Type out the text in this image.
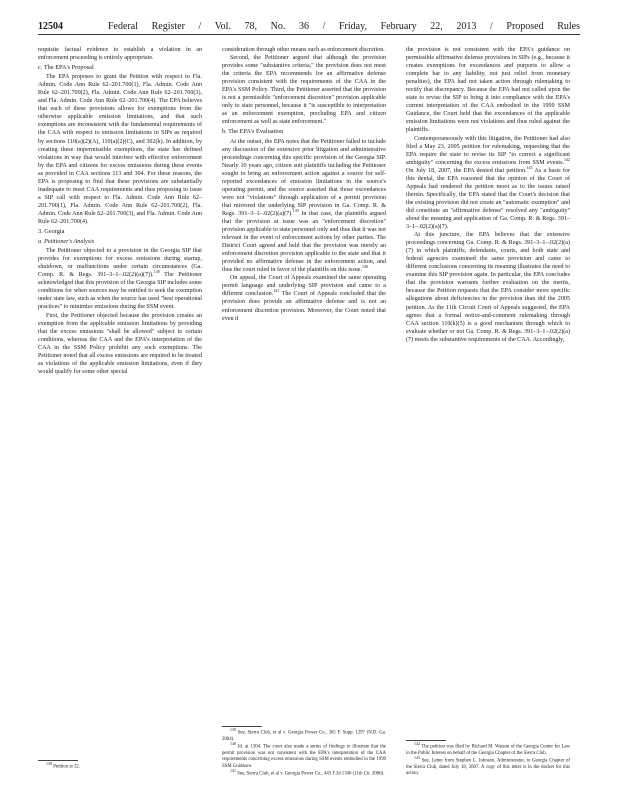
12504	Federal Register / Vol. 78, No. 36 / Friday, February 22, 2013 / Proposed Rules

requisite factual evidence to establish a violation in an enforcement proceeding is entirely appropriate.

c. The EPA's Proposal

The EPA proposes to grant the Petition with respect to Fla. Admin. Code Ann Rule 62–201.700(1), Fla. Admin. Code Ann Rule 62–201.700(2), Fla. Admin. Code Ann Rule 62–201.700(3), and Fla. Admin. Code Ann Rule 62–201.700(4). The EPA believes that each of these provisions allows for exemptions from the otherwise applicable emission limitations, and that such exemptions are inconsistent with the fundamental requirements of the CAA with respect to emission limitations in SIPs as required by sections 110(a)(2)(A), 110(a)(2)(C), and 302(k). In addition, by creating these impermissible exemptions, the state has defined violations in way that would interfere with effective enforcement by the EPA and citizens for excess emissions during these events as provided in CAA sections 113 and 304. For these reasons, the EPA is proposing to find that these provisions are substantially inadequate to meet CAA requirements and thus proposing to issue a SIP call with respect to Fla. Admin. Code Ann Rule 62–201.700(1), Fla. Admin. Code Ann Rule 62–201.700(2), Fla. Admin. Code Ann Rule 62–201.700(3), and Fla. Admin. Code Ann Rule 62–201.700(4).

3. Georgia
a. Petitioner's Analysis

The Petitioner objected to a provision in the Georgia SIP that provides for exemptions for excess emissions during startup, shutdown, or malfunctions under certain circumstances (Ga. Comp. R. & Regs. 391–3–1–.02(2)(a)(7)).$^{138}$ The Petitioner acknowledged that this provision of the Georgia SIP includes some conditions for when sources may be entitled to seek the exemption under state law, such as when the source has used "best operational practices" to minimize emissions during the SSM event.

First, the Petitioner objected because the provision creates an exemption from the applicable emission limitations by providing that the excess emissions "shall be allowed" subject to certain conditions, whereas the CAA and the EPA's interpretation of the CAA in the SSM Policy prohibit any such exemptions. The Petitioner noted that all excess emissions are required to be treated as violations of the applicable emission limitations, even if they would qualify for some other special

$^{138}$ Petition at 32.

consideration through other means such as enforcement discretion.

Second, the Petitioner argued that although the provision provides some "substantive criteria," the provision does not meet the criteria the EPA recommends for an affirmative defense provision consistent with the requirements of the CAA in the EPA's SSM Policy. Third, the Petitioner asserted that the provision is not a permissible "enforcement discretion" provision applicable only to state personnel, because it "is susceptible to interpretation as an enforcement exemption, precluding EPA and citizen enforcement as well as state enforcement."

b. The EPA's Evaluation

At the outset, the EPA notes that the Petitioner failed to include any discussion of the extensive prior litigation and administrative proceedings concerning this specific provision of the Georgia SIP. Nearly 10 years ago, citizen suit plaintiffs including the Petitioner sought to bring an enforcement action against a source for self-reported exceedances of emission limitations in the source's operating permit, and the source asserted that those exceedances were not "violations" through application of a permit provision that mirrored the underlying SIP provision in Ga. Comp. R. & Regs. 391–3–1–.02(2)(a)(7).$^{139}$ In that case, the plaintiffs argued that the provision at issue was an "enforcement discretion" provision applicable to state personnel only and thus that it was not relevant in the event of enforcement actions by other parties. The District Court agreed and held that the provision was merely an enforcement discretion provision applicable to the state and that it provided no affirmative defense in the enforcement action, and thus the court ruled in favor of the plaintiffs on this issue.$^{140}$

On appeal, the Court of Appeals examined the same operating permit language and underlying SIP provision and came to a different conclusion.$^{141}$ The Court of Appeals concluded that the provision does provide an affirmative defense and is not an enforcement discretion provision. Moreover, the Court noted that even if

$^{139}$ See, Sierra Club, et al v. Georgia Power Co., 365 F. Supp. 1297 (N.D. Ga. 2004).

$^{140}$ Id. at 1304. The court also made a series of findings to illustrate that the permit provision was not consistent with the EPA's interpretation of the CAA requirements concerning excess emissions during SSM events embodied in the 1999 SSM Guidance.

$^{141}$ See, Sierra Club, et al v. Georgia Power Co., 443 F.3d 1346 (11th Cir. 2006).

the provision is not consistent with the EPA's guidance on permissible affirmative defense provisions in SIPs (e.g., because it creates exemptions for exceedances and purports to allow a complete bar to any liability, not just relief from monetary penalties), the EPA had not taken action through rulemaking to rectify that discrepancy. Because the EPA had not called upon the state to revise the SIP to bring it into compliance with the EPA's current interpretation of the CAA embodied in the 1999 SSM Guidance, the Court held that the exceedances of the applicable emission limitations were not violations and thus ruled against the plaintiffs.

Contemporaneously with this litigation, the Petitioner had also filed a May 23, 2005 petition for rulemaking, requesting that the EPA require the state to revise its SIP "to correct a significant ambiguity" concerning the excess emissions from SSM events.$^{142}$ On July 18, 2007, the EPA denied that petition.$^{143}$ As a basis for this denial, the EPA reasoned that the opinion of the Court of Appeals had rendered the petition moot as to the issues raised therein. Specifically, the EPA stated that the Court's decision that the existing provision did not create an "automatic exemption" and did constitute an "affirmative defense" resolved any "ambiguity" about the meaning and application of Ga. Comp. R. & Regs. 391–3–1–.02(2)(a)(7).

At this juncture, the EPA believes that the extensive proceedings concerning Ga. Comp. R. & Regs. 391–3–1–.02(2)(a)(7) in which plaintiffs, defendants, courts, and both state and federal agencies examined the same provision and came to different conclusions concerning its meaning illustrates the need to examine this SIP provision again. In particular, the EPA concludes that the provision warrants further evaluation on the merits, because the Petition requests that the EPA consider more specific allegations about deficiencies in the provision than did the 2005 petition. As the 11th Circuit Court of Appeals suggested, the EPA agrees that a formal notice-and-comment rulemaking through CAA section 110(k)(5) is a good mechanism through which to evaluate whether or not Ga. Comp. R. & Regs. 391–3–1–.02(2)(a)(7) meets the substantive requirements of the CAA. Accordingly,

$^{142}$ The petition was filed by Richard M. Watson of the Georgia Center for Law in the Public Interest on behalf of the Georgia Chapter of the Sierra Club.

$^{143}$ See, Letter from Stephen L. Johnson, Administrator, to Georgia Chapter of the Sierra Club, dated July 18, 2007. A copy of this letter is in the docket for this action.
